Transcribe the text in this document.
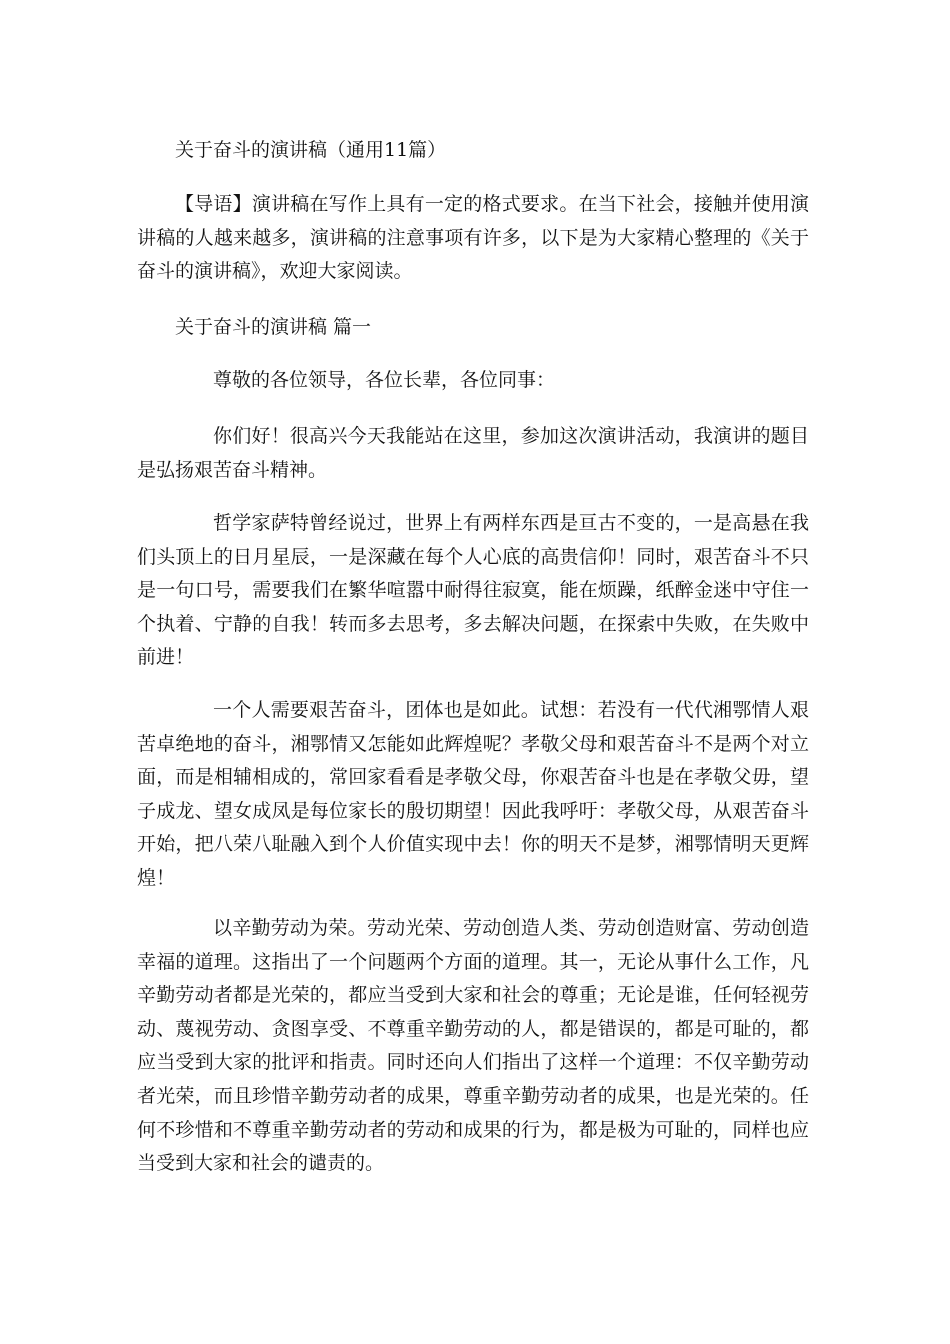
关于奋斗的演讲稿（通用11篇）

【导语】演讲稿在写作上具有一定的格式要求。在当下社会，接触并使用演讲稿的人越来越多，演讲稿的注意事项有许多，以下是为大家精心整理的《关于奋斗的演讲稿》，欢迎大家阅读。

关于奋斗的演讲稿 篇一

尊敬的各位领导，各位长辈，各位同事：

你们好！很高兴今天我能站在这里，参加这次演讲活动，我演讲的题目是弘扬艰苦奋斗精神。

哲学家萨特曾经说过，世界上有两样东西是亘古不变的，一是高悬在我们头顶上的日月星辰，一是深藏在每个人心底的高贵信仰！同时，艰苦奋斗不只是一句口号，需要我们在繁华喧嚣中耐得往寂寞，能在烦躁，纸醉金迷中守住一个执着、宁静的自我！转而多去思考，多去解决问题，在探索中失败，在失败中前进！

一个人需要艰苦奋斗，团体也是如此。试想：若没有一代代湘鄂情人艰苦卓绝地的奋斗，湘鄂情又怎能如此辉煌呢？孝敬父母和艰苦奋斗不是两个对立面，而是相辅相成的，常回家看看是孝敬父母，你艰苦奋斗也是在孝敬父毋，望子成龙、望女成凤是每位家长的殷切期望！因此我呼吁：孝敬父母，从艰苦奋斗开始，把八荣八耻融入到个人价值实现中去！你的明天不是梦，湘鄂情明天更辉煌！

以辛勤劳动为荣。劳动光荣、劳动创造人类、劳动创造财富、劳动创造幸福的道理。这指出了一个问题两个方面的道理。其一，无论从事什么工作，凡辛勤劳动者都是光荣的，都应当受到大家和社会的尊重；无论是谁，任何轻视劳动、蔑视劳动、贪图享受、不尊重辛勤劳动的人，都是错误的，都是可耻的，都应当受到大家的批评和指责。同时还向人们指出了这样一个道理：不仅辛勤劳动者光荣，而且珍惜辛勤劳动者的成果，尊重辛勤劳动者的成果，也是光荣的。任何不珍惜和不尊重辛勤劳动者的劳动和成果的行为，都是极为可耻的，同样也应当受到大家和社会的谴责的。
